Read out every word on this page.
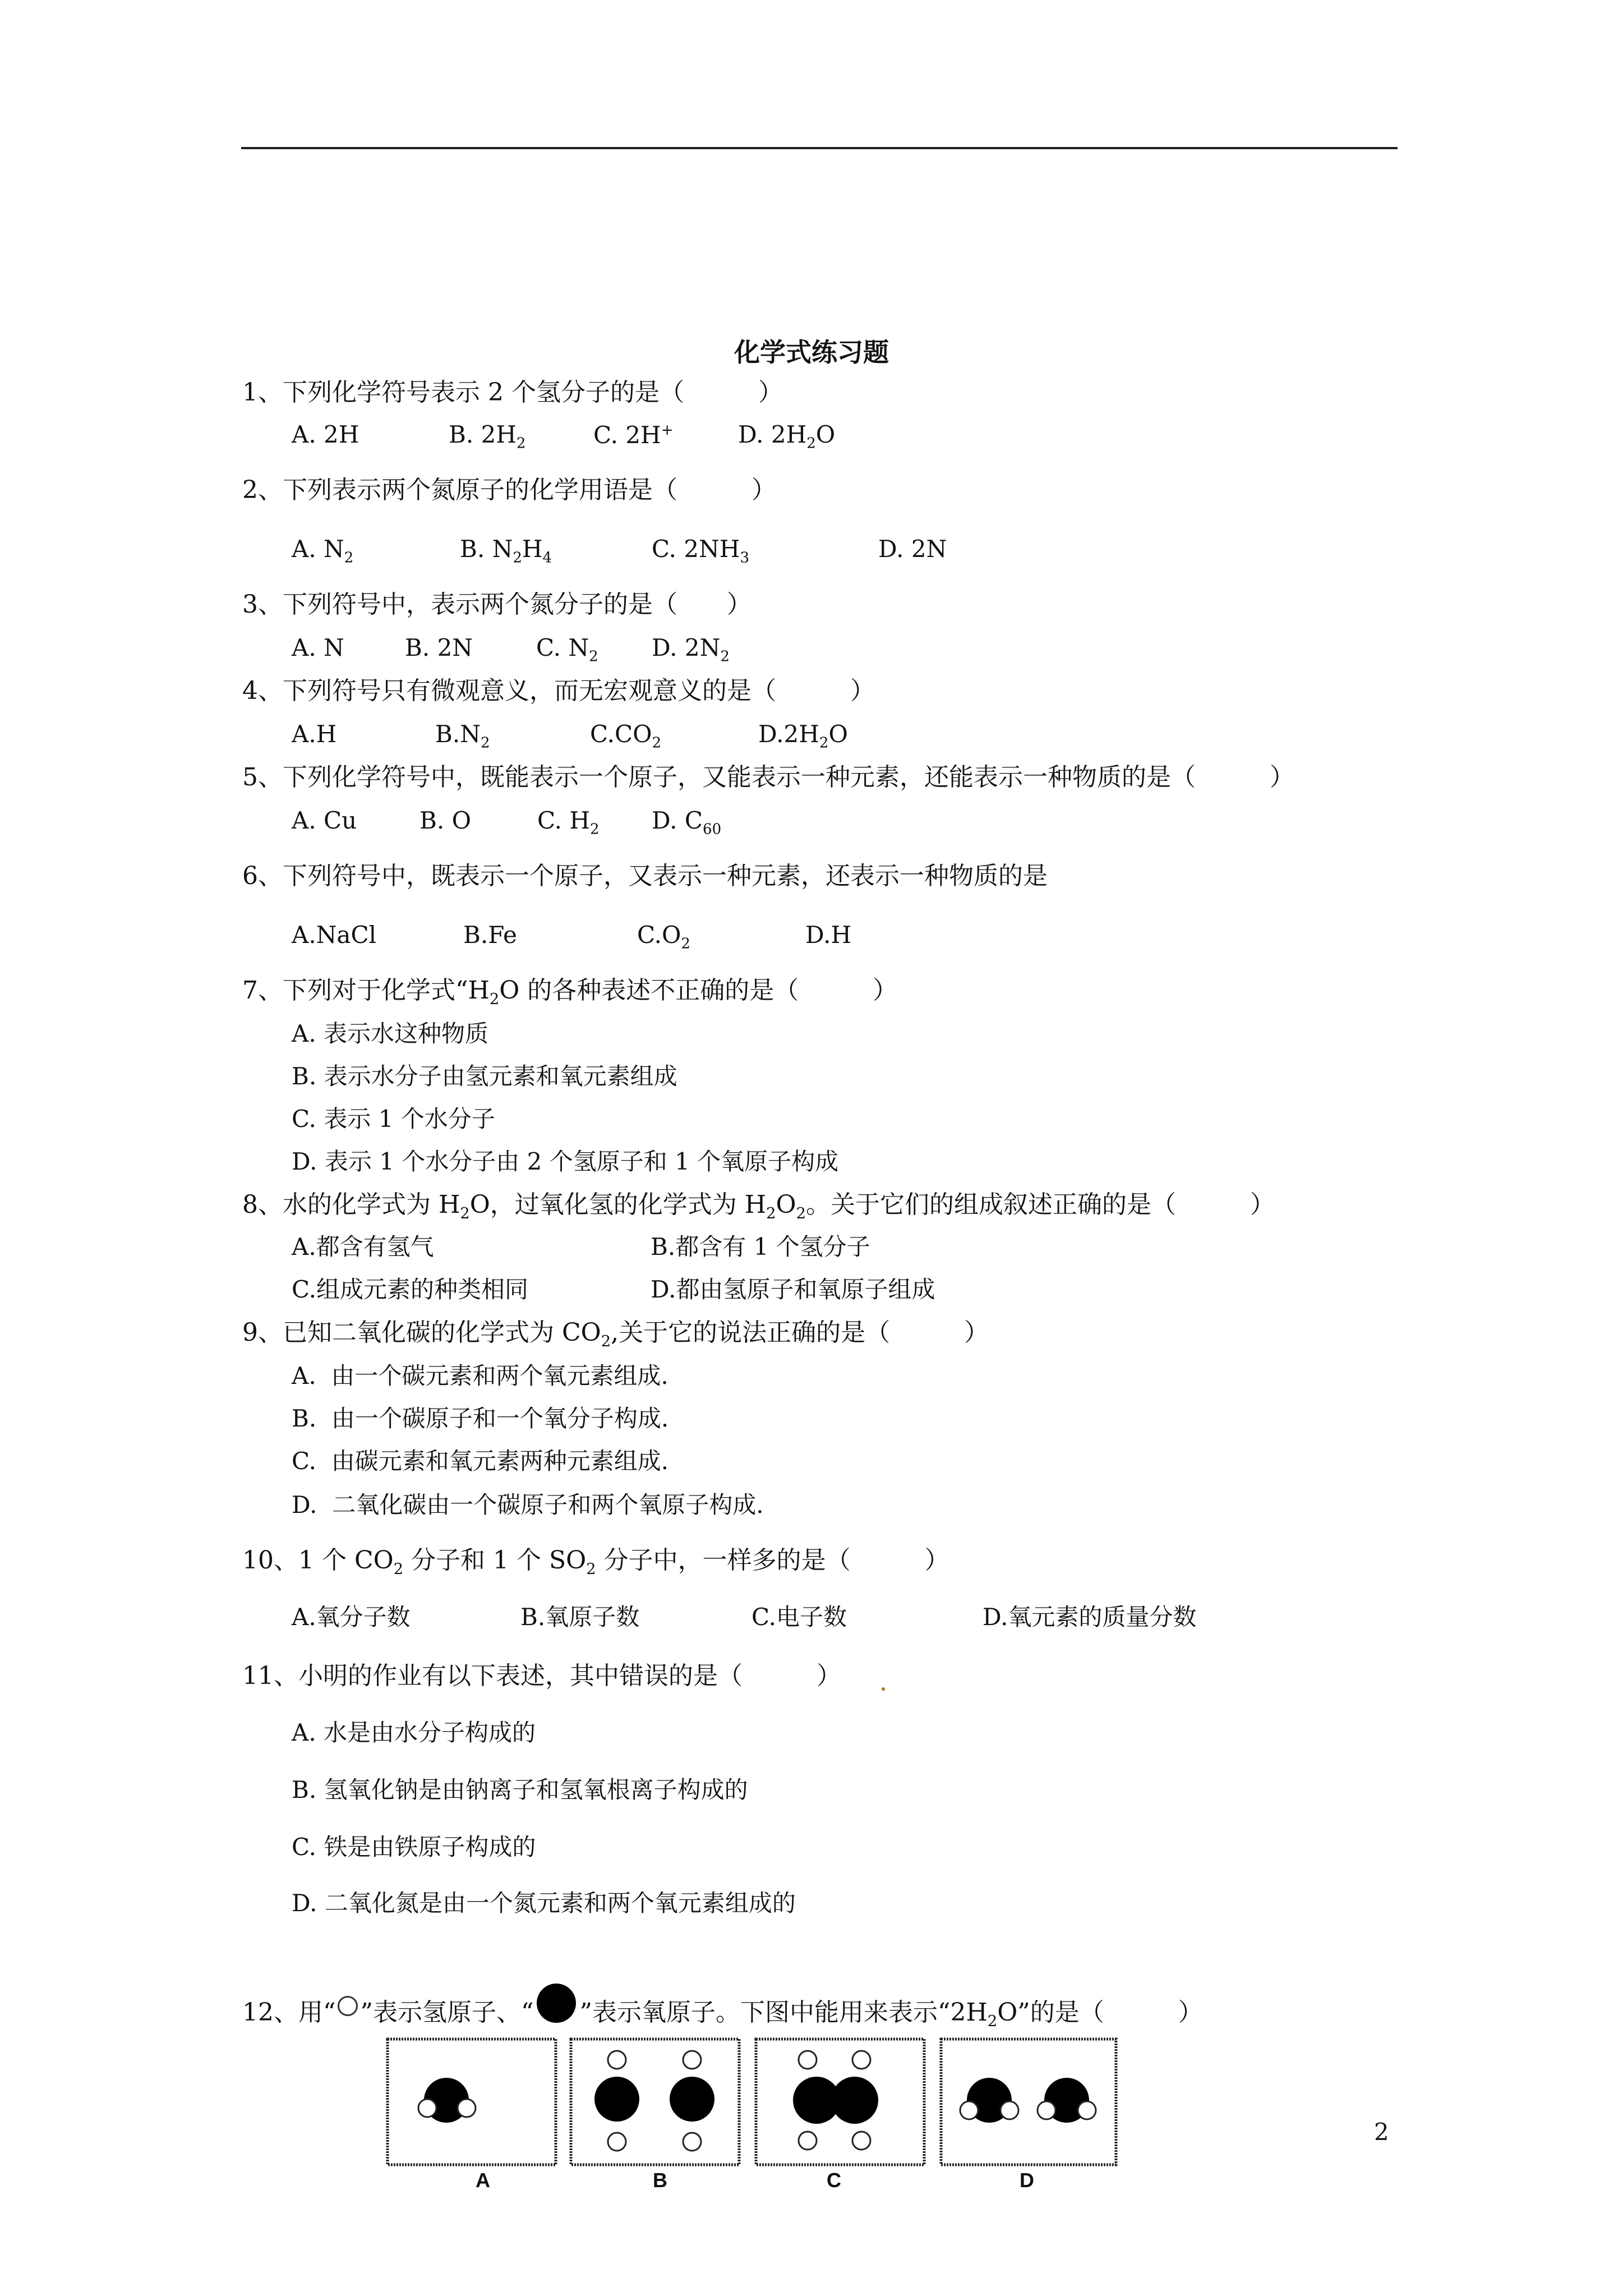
化学式练习题
1、下列化学符号表示 2 个氢分子的是（　　　）
A. 2H	B. $2H_2$	C. 2H+	D. $2H_2O$
2、下列表示两个氮原子的化学用语是（　　　）
A. $N_2$	B. $N_2H_4$	C. $2NH_3$	D. 2N
3、下列符号中，表示两个氮分子的是（　　）
A. N	B. 2N	C. $N_2$ D. $2N_2$
4、下列符号只有微观意义，而无宏观意义的是（　　　）
A.H	$B.N_2$	$C.CO_2$	$D.2H_2O$
5、下列化学符号中，既能表示一个原子，又能表示一种元素，还能表示一种物质的是（　　　）
A. Cu	B. O	C. $H_2$ D. $C_{60}$
6、下列符号中，既表示一个原子，又表示一种元素，还表示一种物质的是
A.NaCl	B.Fe	$C.O_2$	D.H
7、下列对于化学式“$H_2O$ 的各种表述不正确的是（　　　）
A. 表示水这种物质
B. 表示水分子由氢元素和氧元素组成
C. 表示 1 个水分子
D. 表示 1 个水分子由 2 个氢原子和 1 个氧原子构成
8、水的化学式为 $H_2O$，过氧化氢的化学式为 $H_2O_2$。关于它们的组成叙述正确的是（　　　）
A.都含有氢气	B.都含有 1 个氢分子
C.组成元素的种类相同	D.都由氢原子和氧原子组成
9、已知二氧化碳的化学式为 $CO_2$,关于它的说法正确的是（　　　）
A.  由一个碳元素和两个氧元素组成.
B.  由一个碳原子和一个氧分子构成.
C.  由碳元素和氧元素两种元素组成.
D.  二氧化碳由一个碳原子和两个氧原子构成.
10、1 个 $CO_2$ 分子和 1 个 $SO_2$ 分子中，一样多的是（　　　）
A.氧分子数	B.氧原子数	C.电子数	D.氧元素的质量分数
11、小明的作业有以下表述，其中错误的是（　　　）
A. 水是由水分子构成的
B. 氢氧化钠是由钠离子和氢氧根离子构成的
C. 铁是由铁原子构成的
D. 二氧化氮是由一个氮元素和两个氧元素组成的
12、用“ ”表示氢原子、“ ”表示氧原子。下图中能用来表示“$2H_2O$”的是（　　　）
A	B	C	D
2
